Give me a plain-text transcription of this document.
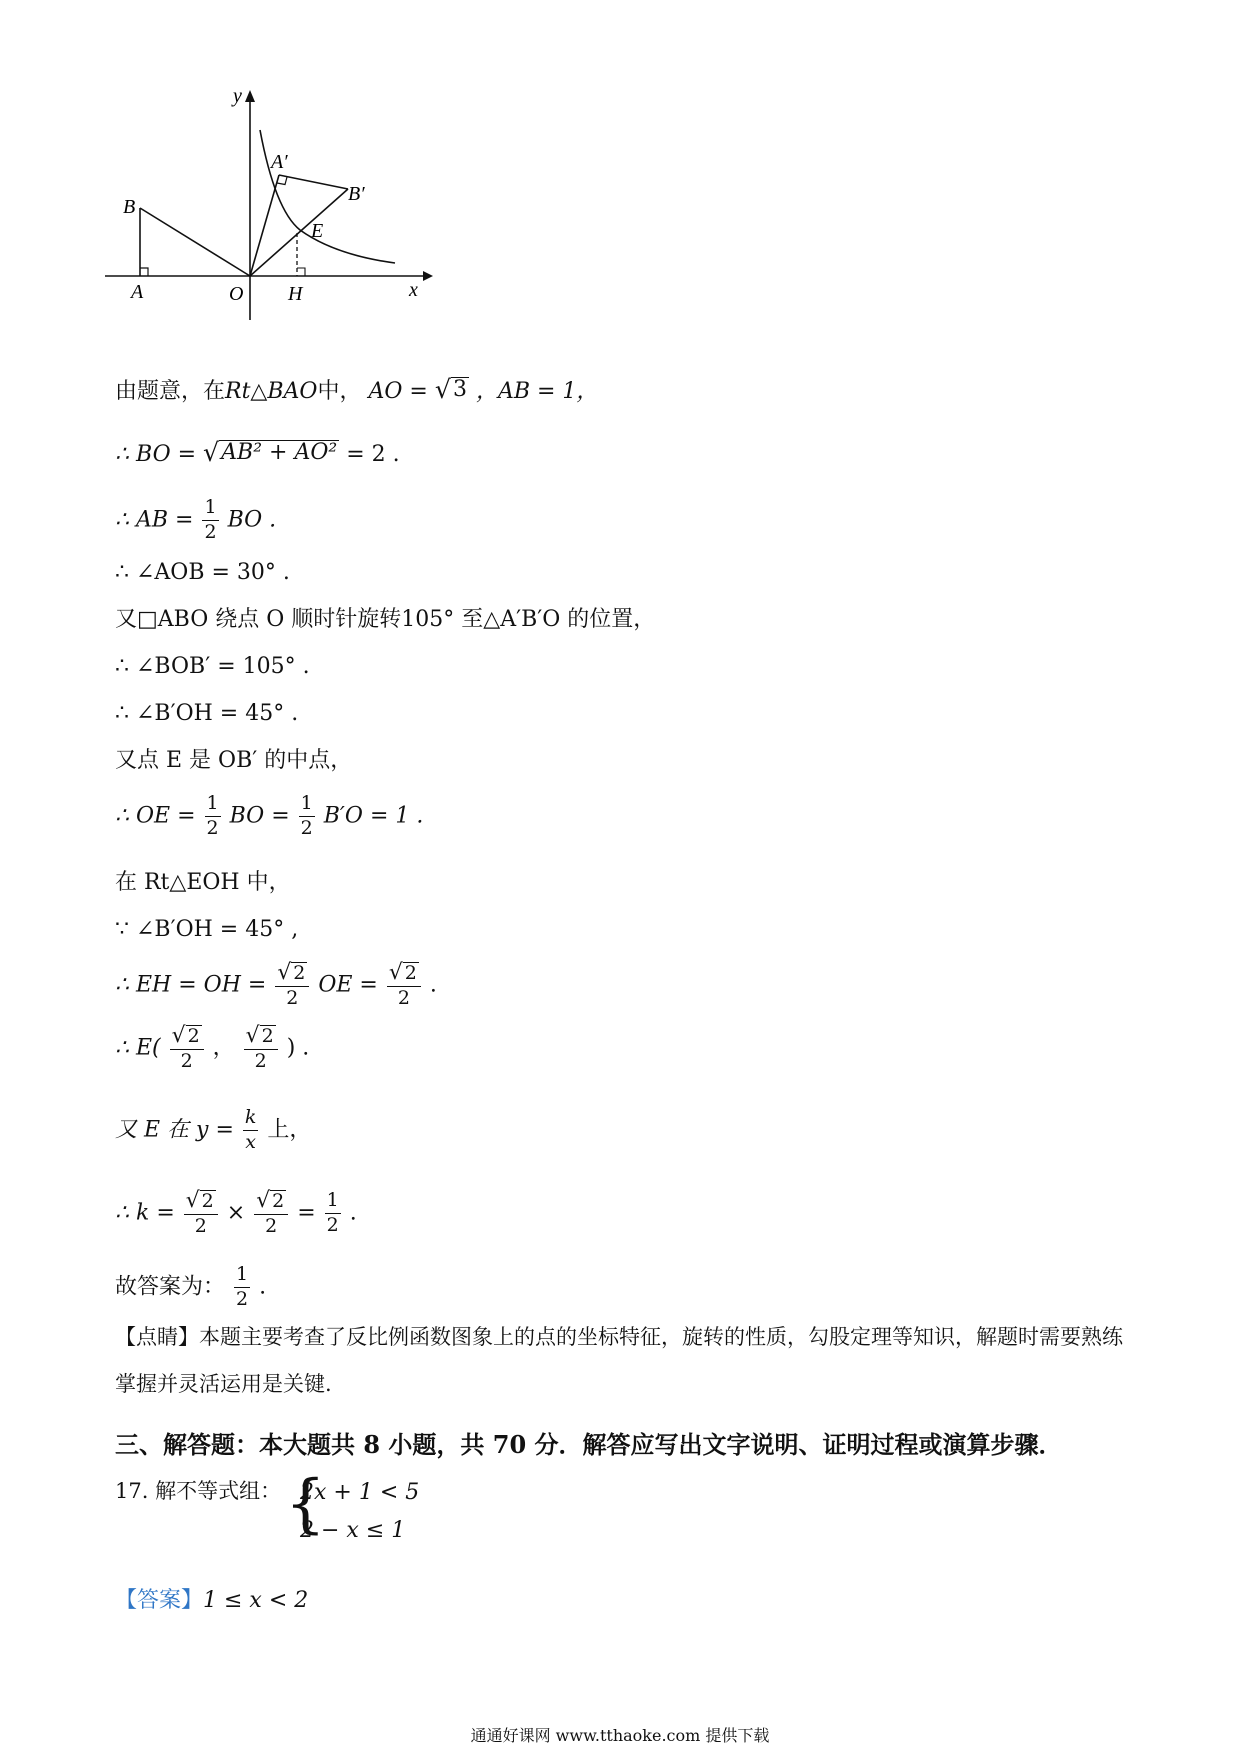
y
x
B
A	O H
E
A′
B′
由题意，在Rt△BAO中， AO = √ 3 ，AB = 1，
∴ BO = √ AB² + AO² = 2 .
∴ AB = $\frac{1}{2}$ BO .
∴ ∠AOB = 30° .
又□ABO 绕点 O 顺时针旋转105° 至△A′B′O 的位置，
∴ ∠BOB′ = 105° .
∴ ∠B′OH = 45° .
又点 E 是 OB′ 的中点，
∴ OE = $\frac{1}{2}$ BO = $\frac{1}{2} B'O = 1$ .
在 Rt△EOH 中，
∵ ∠B′OH = 45° ,
∴ EH = OH = $\frac{√ 2}{2}$ OE = $\frac{√ 2}{2}$ .
∴ $E( \frac{√ 2}{2}$ ， $\frac{√ 2}{2}$ ) .
又 E 在 $y = \frac{k}{x}$ 上，
∴ $k = \frac{√ 2}{2} \times \frac{√ 2}{2} = \frac{1}{2}$ .
故答案为： $\frac{1}{2}$ .
【点睛】本题主要考查了反比例函数图象上的点的坐标特征，旋转的性质，勾股定理等知识，解题时需要熟练掌握并灵活运用是关键.
三、解答题：本大题共 8 小题，共 70 分．解答应写出文字说明、证明过程或演算步骤．
17. 解不等式组： {
2x + 1 < 5
2 − x ≤ 1
【答案】1 ≤ x < 2
通通好课网 www.tthaoke.com 提供下载
